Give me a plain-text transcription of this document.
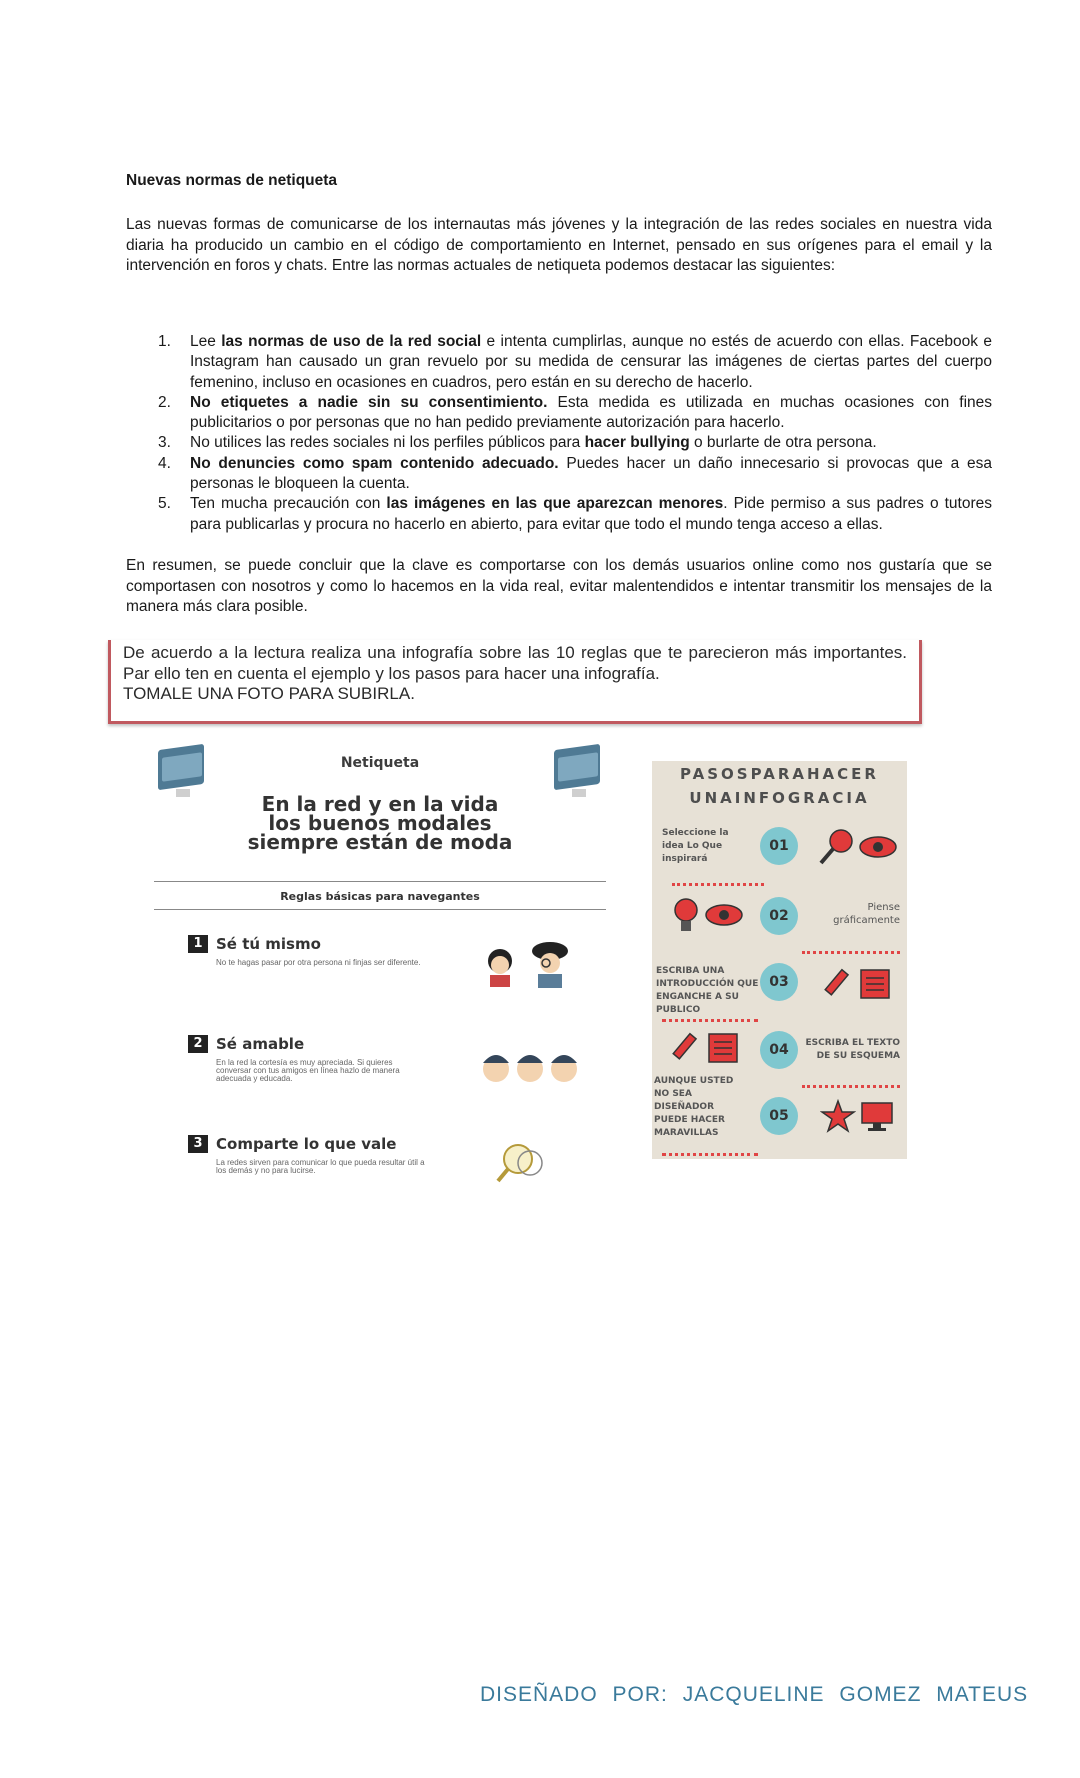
Nuevas normas de netiqueta
Las nuevas formas de comunicarse de los internautas más jóvenes y la integración de las redes sociales en nuestra vida diaria ha producido un cambio en el código de comportamiento en Internet, pensado en sus orígenes para el email y la intervención en foros y chats. Entre las normas actuales de netiqueta podemos destacar las siguientes:
1. Lee las normas de uso de la red social e intenta cumplirlas, aunque no estés de acuerdo con ellas. Facebook e Instagram han causado un gran revuelo por su medida de censurar las imágenes de ciertas partes del cuerpo femenino, incluso en ocasiones en cuadros, pero están en su derecho de hacerlo.
2. No etiquetes a nadie sin su consentimiento. Esta medida es utilizada en muchas ocasiones con fines publicitarios o por personas que no han pedido previamente autorización para hacerlo.
3. No utilices las redes sociales ni los perfiles públicos para hacer bullying o burlarte de otra persona.
4. No denuncies como spam contenido adecuado. Puedes hacer un daño innecesario si provocas que a esa personas le bloqueen la cuenta.
5. Ten mucha precaución con las imágenes en las que aparezcan menores. Pide permiso a sus padres o tutores para publicarlas y procura no hacerlo en abierto, para evitar que todo el mundo tenga acceso a ellas.
En resumen, se puede concluir que la clave es comportarse con los demás usuarios online como nos gustaría que se comportasen con nosotros y como lo hacemos en la vida real, evitar malentendidos e intentar transmitir los mensajes de la manera más clara posible.
De acuerdo a la lectura realiza una infografía sobre las 10 reglas que te parecieron más importantes. Par ello ten en cuenta el ejemplo y los pasos para hacer una infografía.
TOMALE UNA FOTO PARA SUBIRLA.
Netiqueta
En la red y en la vida
los buenos modales
siempre están de moda
Reglas básicas para navegantes
1 Sé tú mismo
No te hagas pasar por otra persona ni finjas ser diferente.
2 Sé amable
En la red la cortesía es muy apreciada. Si quieres conversar con tus amigos en línea hazlo de manera adecuada y educada.
3 Comparte lo que vale
La redes sirven para comunicar lo que pueda resultar útil a los demás y no para lucirse.
PASOSPARAHACER
UNAINFOGRACIA
Seleccione la
idea Lo Que
inspirará
01
02
Piense
gráficamente
ESCRIBA UNA
INTRODUCCIÓN QUE
ENGANCHE A SU
PUBLICO
03
04	ESCRIBA EL TEXTO
DE SU ESQUEMA
AUNQUE USTED
NO SEA
DISEÑADOR
PUEDE HACER
MARAVILLAS
05
DISEÑADO POR: JACQUELINE GOMEZ MATEUS
